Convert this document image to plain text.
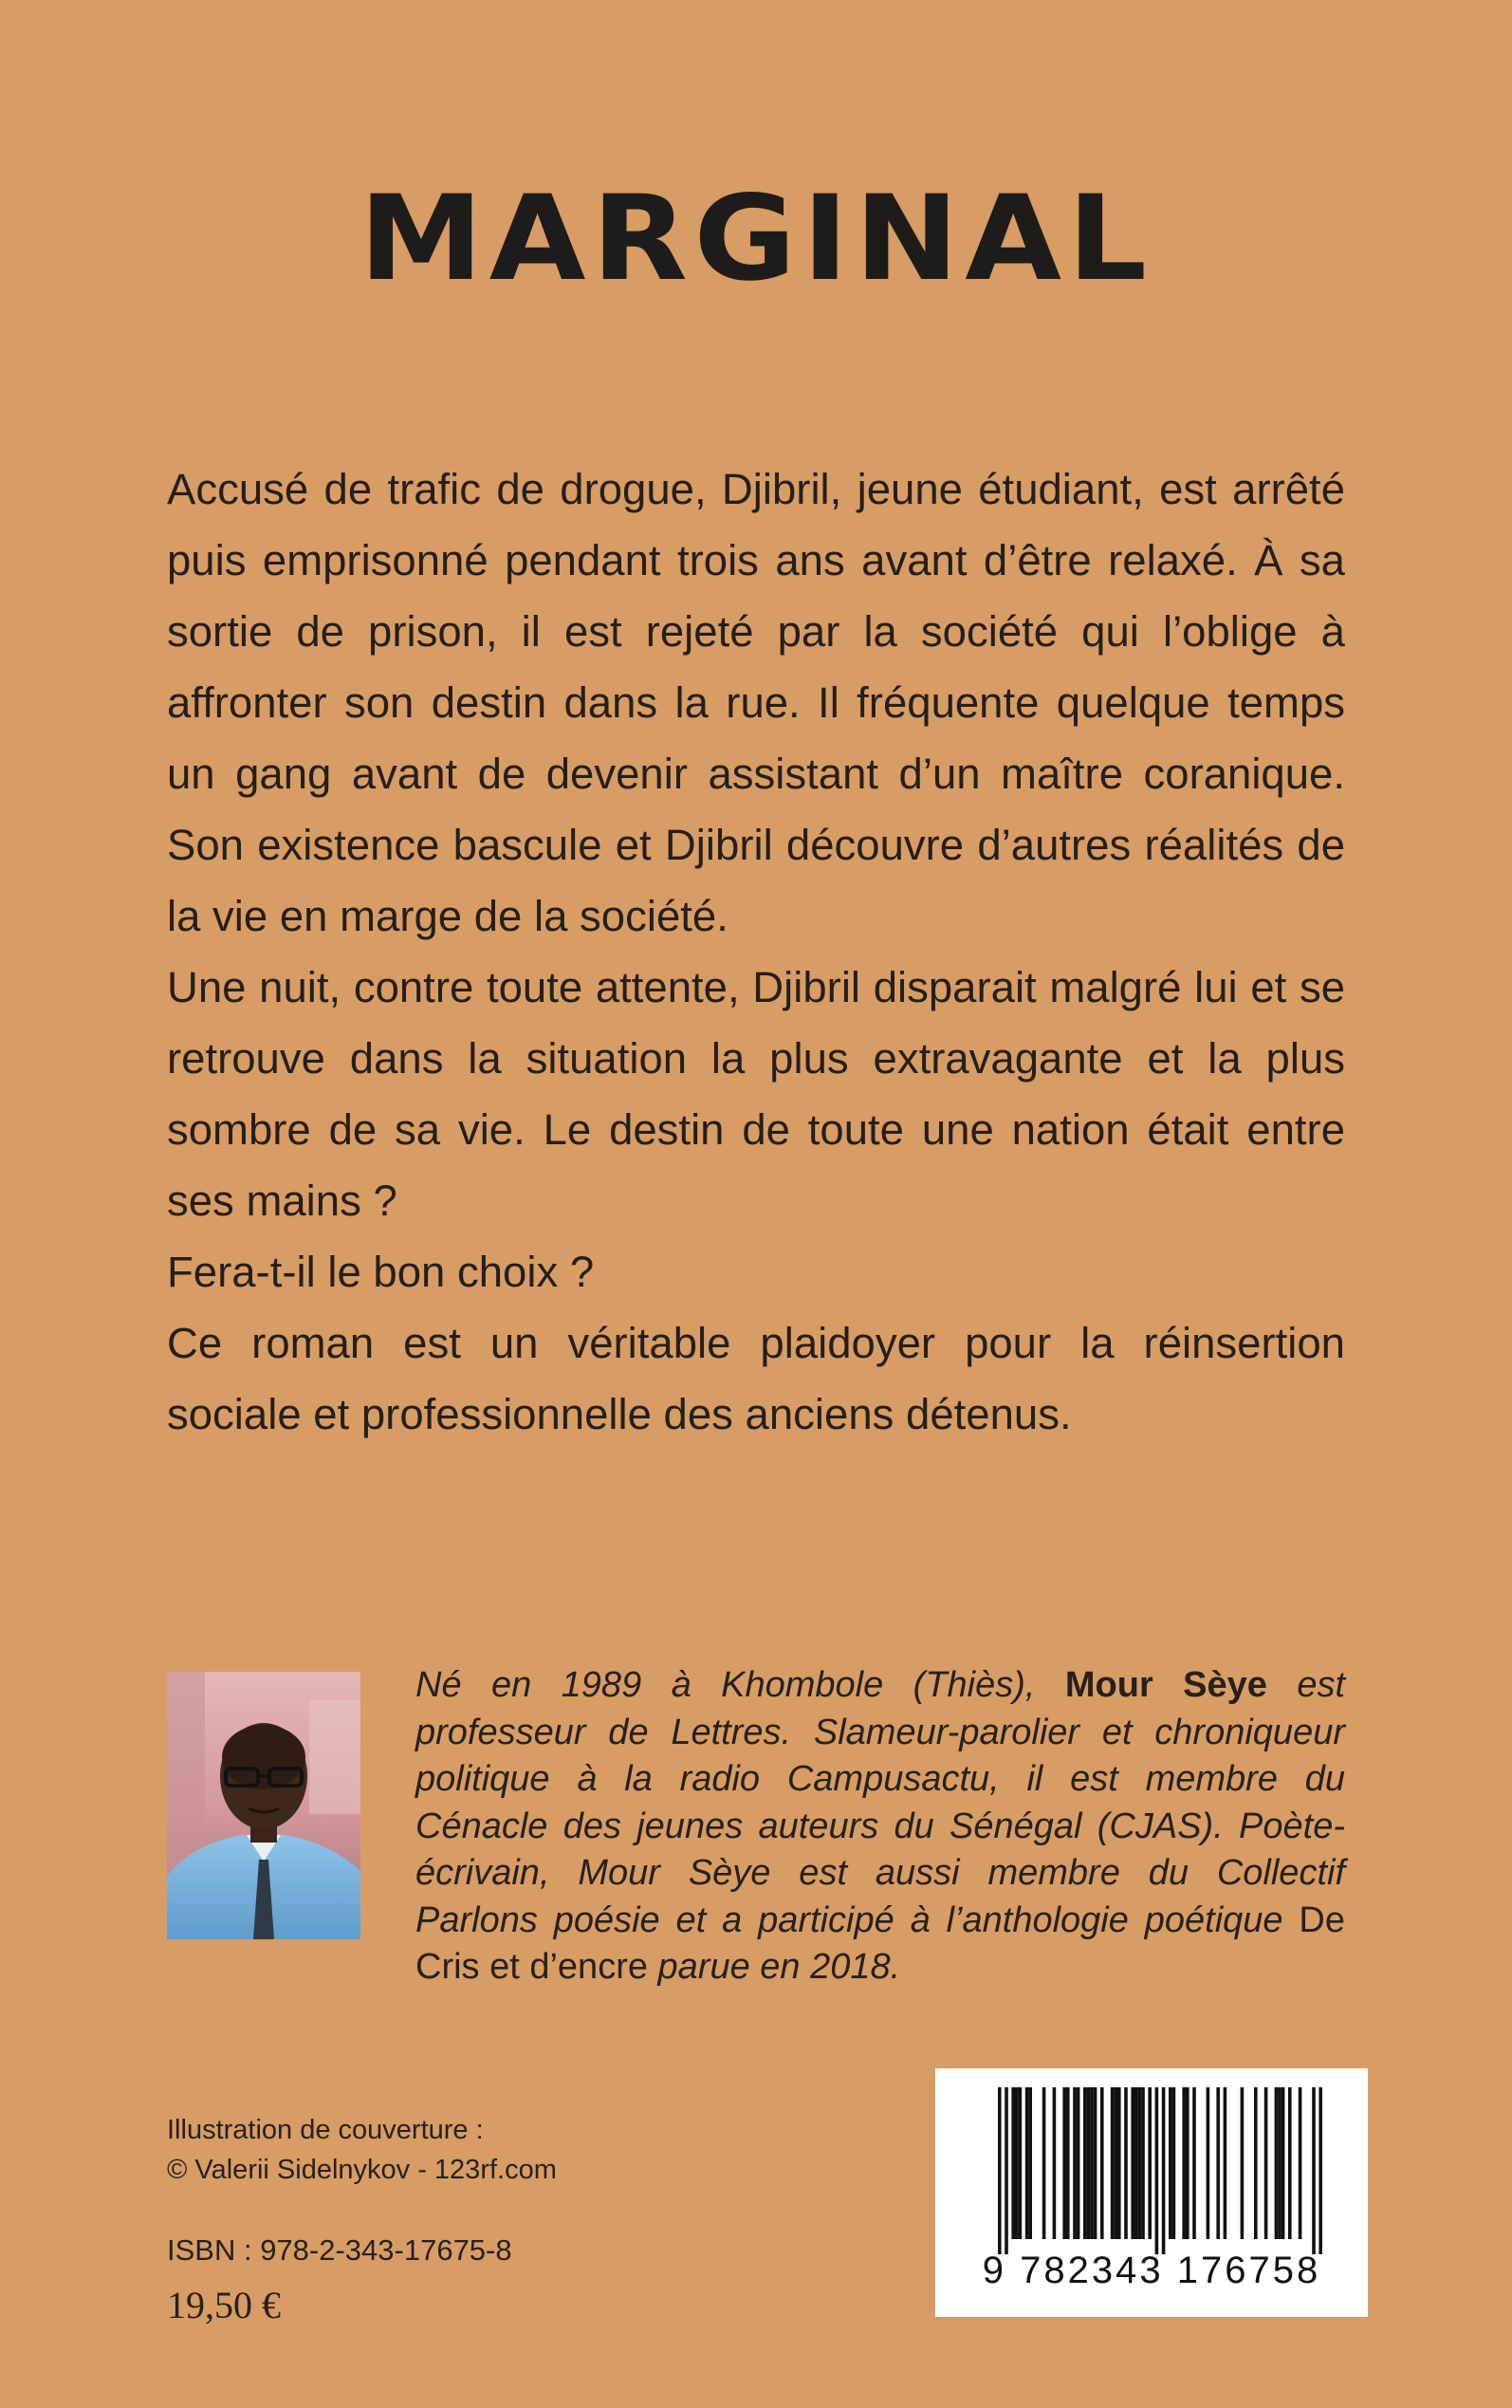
MARGINAL

Accusé de trafic de drogue, Djibril, jeune étudiant, est arrêté puis emprisonné pendant trois ans avant d’être relaxé. À sa sortie de prison, il est rejeté par la société qui l’oblige à affronter son destin dans la rue. Il fréquente quelque temps un gang avant de devenir assistant d’un maître coranique. Son existence bascule et Djibril découvre d’autres réalités de la vie en marge de la société.

Une nuit, contre toute attente, Djibril disparait malgré lui et se retrouve dans la situation la plus extravagante et la plus sombre de sa vie. Le destin de toute une nation était entre ses mains ?

Fera-t-il le bon choix ?

Ce roman est un véritable plaidoyer pour la réinsertion sociale et professionnelle des anciens détenus.

Né en 1989 à Khombole (Thiès), Mour Sèye est professeur de Lettres. Slameur-parolier et chroniqueur politique à la radio Campusactu, il est membre du Cénacle des jeunes auteurs du Sénégal (CJAS). Poète-écrivain, Mour Sèye est aussi membre du Collectif Parlons poésie et a participé à l’anthologie poétique De Cris et d’encre parue en 2018.
Illustration de couverture :
© Valerii Sidelnykov - 123rf.com
ISBN : 978-2-343-17675-8
19,50 €
9 782343 176758
